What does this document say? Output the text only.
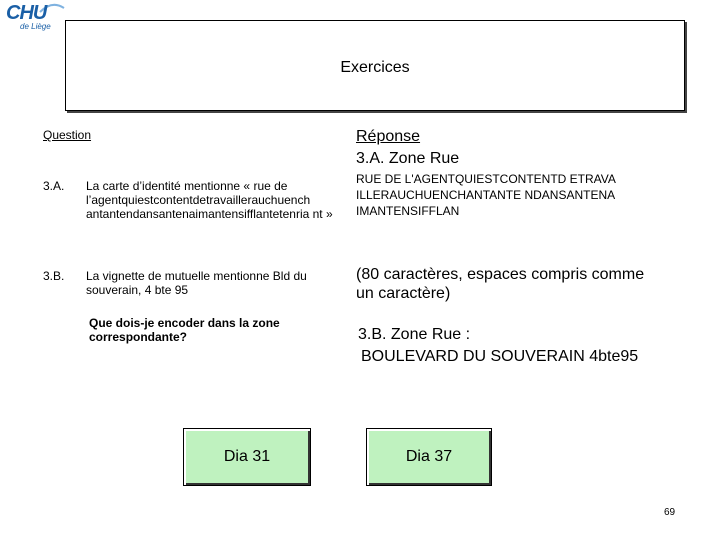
CHU
de Liège
Exercices
Question	Réponse
3.A. Zone Rue
3.A. La carte d’identité mentionne « rue de l’agentquiestcontentdetravaillerauchuench antantendansantenaimantensifflantetenria nt »
RUE DE L'AGENTQUIESTCONTENTD ETRAVAILLERAUCHUENCHANTANTE NDANSANTENAIMANTENSIFFLAN
3.B. La vignette de mutuelle mentionne Bld du souverain, 4 bte 95
(80 caractères, espaces compris comme un caractère)
Que dois-je encoder dans la zone correspondante?	3.B. Zone Rue :
BOULEVARD DU SOUVERAIN 4bte95
Dia 31	Dia 37
69
